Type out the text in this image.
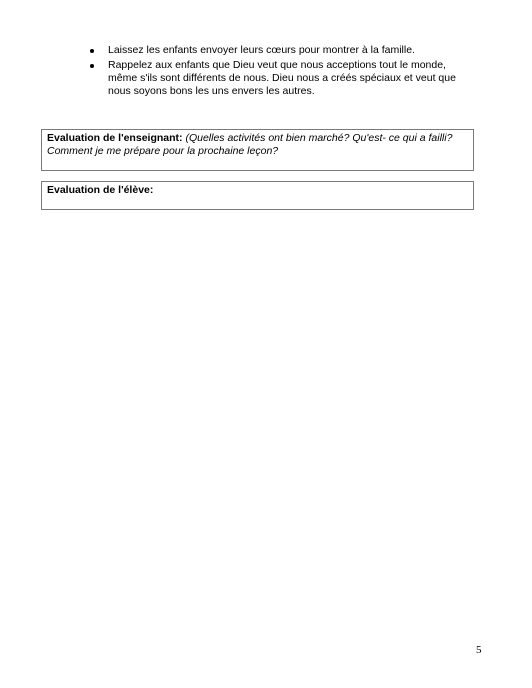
Laissez les enfants envoyer leurs cœurs pour montrer à la famille.
Rappelez aux enfants que Dieu veut que nous acceptions tout le monde, même s'ils sont différents de nous. Dieu nous a créés spéciaux et veut que nous soyons bons les uns envers les autres.
Evaluation de l'enseignant: (Quelles activités ont bien marché? Qu'est- ce qui a failli? Comment je me prépare pour la prochaine leçon?
Evaluation de l'élève:
5
